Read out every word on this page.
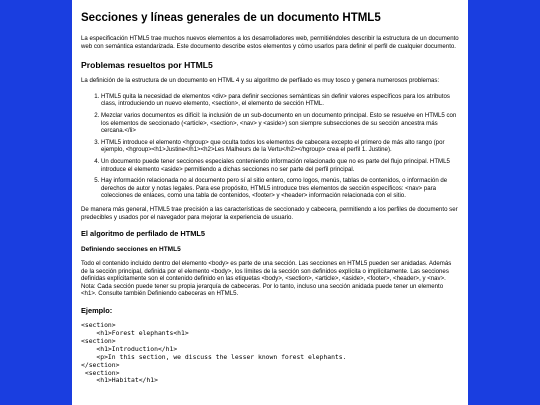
Secciones y líneas generales de un documento HTML5

La especificación HTML5 trae muchos nuevos elementos a los desarrolladores web, permitiéndoles describir la estructura de un documento web con semántica estandarizada. Este documento describe estos elementos y cómo usarlos para definir el perfil de cualquier documento.

Problemas resueltos por HTML5

La definición de la estructura de un documento en HTML 4 y su algoritmo de perfilado es muy tosco y genera numerosos problemas:

1. HTML5 quita la necesidad de elementos <div> para definir secciones semánticas sin definir valores específicos para los atributos class, introduciendo un nuevo elemento, <section>, el elemento de sección HTML.
2. Mezclar varios documentos es difícil: la inclusión de un sub-documento en un documento principal. Esto se resuelve en HTML5 con los elementos de seccionado (<article>, <section>, <nav> y <aside>) son siempre subsecciones de su sección ancestra más cercana.</li>
3. HTML5 introduce el elemento <hgroup> que oculta todos los elementos de cabecera excepto el primero de más alto rango (por ejemplo, <hgroup><h1>Justine</h1><h2>Les Malheurs de la Vertu</h2></hgroup> crea el perfil 1. Justine).
4. Un documento puede tener secciones especiales conteniendo información relacionado que no es parte del flujo principal. HTML5 introduce el elemento <aside> permitiendo a dichas secciones no ser parte del perfil principal.
5. Hay información relacionada no al documento pero sí al sitio entero, como logos, menús, tablas de contenidos, o información de derechos de autor y notas legales. Para ese propósito, HTML5 introduce tres elementos de sección específicos: <nav> para colecciones de enlaces, como una tabla de contenidos, <footer> y <header> información relacionada con el sitio.

De manera más general, HTML5 trae precisión a las características de seccionado y cabecera, permitiendo a los perfiles de documento ser predecibles y usados por el navegador para mejorar la experiencia de usuario.

El algoritmo de perfilado de HTML5
Definiendo secciones en HTML5

Todo el contenido incluido dentro del elemento <body> es parte de una sección. Las secciones en HTML5 pueden ser anidadas. Además de la sección principal, definida por el elemento <body>, los límites de la sección son definidos explícita o implícitamente. Las secciones definidas explícitamente son el contenido definido en las etiquetas <body>, <section>, <article>, <aside>, <footer>, <header>, y <nav>. Nota: Cada sección puede tener su propia jerarquía de cabeceras. Por lo tanto, incluso una sección anidada puede tener un elemento <h1>. Consulte también Definiendo cabeceras en HTML5.

Ejemplo:
<section>
<h1>Forest elephants<h1>
<section>
<h1>Introduction</h1>
<p>In this section, we discuss the lesser known forest elephants.
</section>
<section>
<h1>Habitat</h1>
